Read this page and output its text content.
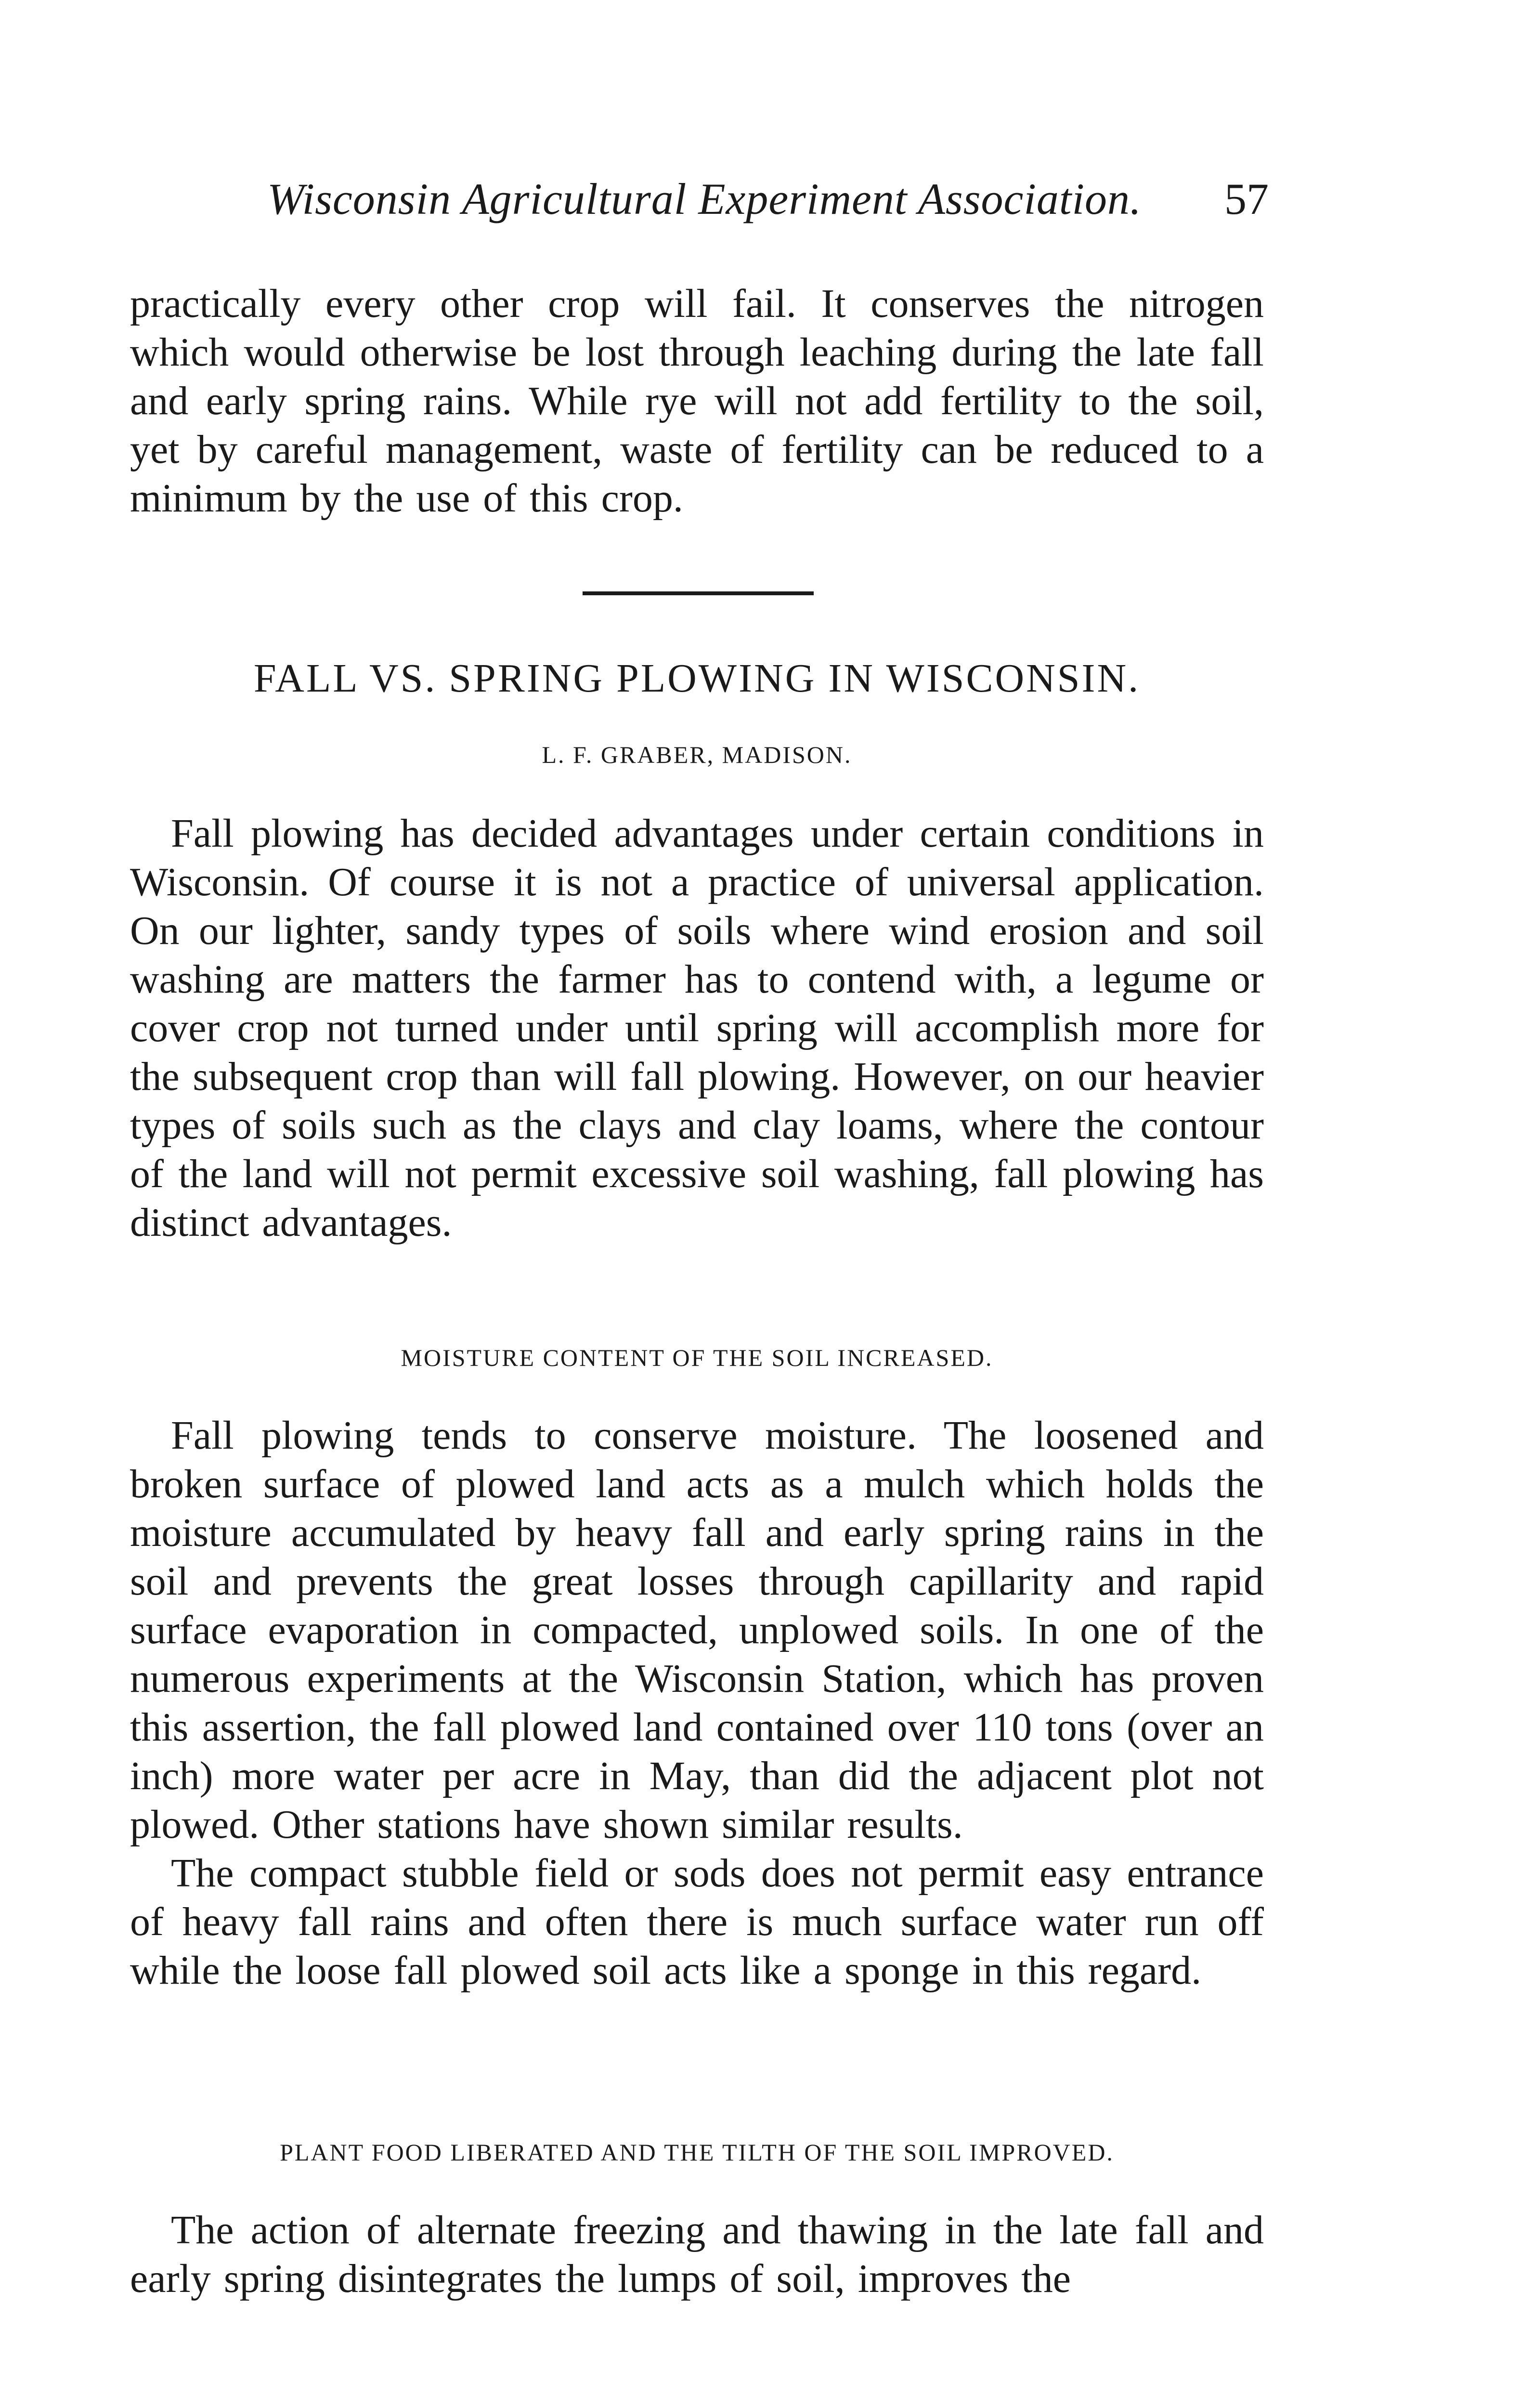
Wisconsin Agricultural Experiment Association. 57

practically every other crop will fail. It conserves the nitrogen which would otherwise be lost through leaching during the late fall and early spring rains. While rye will not add fertility to the soil, yet by careful management, waste of fertility can be reduced to a minimum by the use of this crop.

FALL VS. SPRING PLOWING IN WISCONSIN.
L. F. GRABER, MADISON.

Fall plowing has decided advantages under certain conditions in Wisconsin. Of course it is not a practice of universal application. On our lighter, sandy types of soils where wind erosion and soil washing are matters the farmer has to contend with, a legume or cover crop not turned under until spring will accomplish more for the subsequent crop than will fall plowing. However, on our heavier types of soils such as the clays and clay loams, where the contour of the land will not permit excessive soil washing, fall plowing has distinct advantages.

MOISTURE CONTENT OF THE SOIL INCREASED.

Fall plowing tends to conserve moisture. The loosened and broken surface of plowed land acts as a mulch which holds the moisture accumulated by heavy fall and early spring rains in the soil and prevents the great losses through capillarity and rapid surface evaporation in compacted, unplowed soils. In one of the numerous experiments at the Wisconsin Station, which has proven this assertion, the fall plowed land contained over 110 tons (over an inch) more water per acre in May, than did the adjacent plot not plowed. Other stations have shown similar results.

The compact stubble field or sods does not permit easy entrance of heavy fall rains and often there is much surface water run off while the loose fall plowed soil acts like a sponge in this regard.

PLANT FOOD LIBERATED AND THE TILTH OF THE SOIL IMPROVED.

The action of alternate freezing and thawing in the late fall and early spring disintegrates the lumps of soil, improves the
